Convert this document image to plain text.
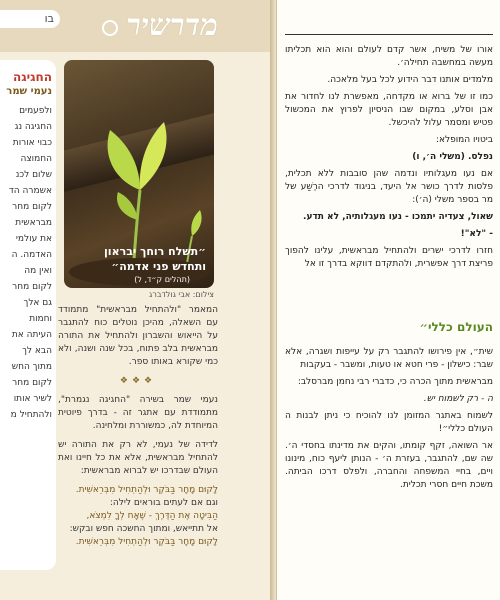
בו מדרשיר
החגיגה
נעמי שמר
ולפעמים
החגיגה נג
כבוי אורות
החמוצה
שלום לכנ
אשמרה הד
לקום מחר
מבראשית
את עולמי
האדמה. ה
ואין מה
לקום מחר
גם אלך
וחמות
העיתה את
הבא לך
מתוך החש
לקום מחר
לשיר אותו
ולהתחיל מ
״תשלח רוחך יבראון ותחדש פני אדמה״
(תהלים ק״ד, ל)
צילום: אבי גולדברג

המאמר "ולהתחיל מבראשית" מתמודד עם השאלה, מהיכן נוטלים כוח להתגבר על הייאוש והשברון ולהתחיל את התורה מבראשית בלב פתוח, בכל שנה ושנה, ולא כמי שקורא באותו ספר.

❖❖❖

נעמי שמר בשירה "החגיגה נגמרת", מתמודדת עם אתגר זה - בדרך פיוטית המיוחדת לה, כמשוררת ומלחינה.

לדידה של נעמי, לא רק את התורה יש להתחיל מבראשית, אלא את כל חיינו ואת העולם שבדרכו יש לברוא מבראשית:

לָקוּם מָחָר בַּבֹּקֶר וּלְהַתְחִיל מִבְּרֵאשִׁית.

וגם אם לעתים בוראים לילה:

הַבִּיטָה אֶת הַדֶּרֶךְ - שֶׁאָח לְךָ לִמְצֹא,

אל תתייאש, ומתוך החשכה חפש ובקש:

לָקוּם מָחָר בַּבֹּקֶר וּלְהַתְחִיל מִבְּרֵאשִׁית.

אורו של משיח, אשר קדם לעולם והוא הוא תכליתו מעשה במחשבה תחילה׳.

מלמדים אותנו דבר הידוע לכל בעל מלאכה.

כמו זו של ברוא או מקדחה, מאפשרת לנו לחדור את אבן וסלע, במקום שבו הניסיון לפרוץ את המכשול פטיש ומסמר עלול להיכשל.

ביטויו המופלא:

נפלס. (משלי ה׳, ו)

אם נעו מעגלותיו ונדמה שהן סובבות ללא תכלית, פלסות לדרך כושר אל היעד, בניגוד לדרכי הרֶשַׁע של מר בספר משלי (ה׳):

שאול, צעדיה יתמכו - נעו מעגלותיה, לא תדע.

- "לא"!

חזרו לדרכי ישרים ולהתחיל מבראשית, עלינו להפוך פריצת דרך אפשרית, ולהתקדם דווקא בדרך זו אל

העולם כללי״

שית״, אין פירושו להתגבר רק על עייפות ושגרה, אלא שבר: כישלון - פרי חטא או טעות, ומשבר - בעקבות

מבראשית מתוך הכרה כי, כדברי רבי נחמן מברסלב:

ה - רק לשמוח יש.

לשמוח באתגר המזומן לנו להוכיח כי ניתן לבנות ה העולם כללי״!

אר השואה, זקף קומתו, והקים את מדינתו בחסדי ה׳. שה שם, להתגבר, בעזרת ה׳ - הנותן ליעף כוח, מינונו ויים, בחיי המשפחה והחברה, ולפלס דרכו הביתה. משכת חיים חסרי תכלית.
